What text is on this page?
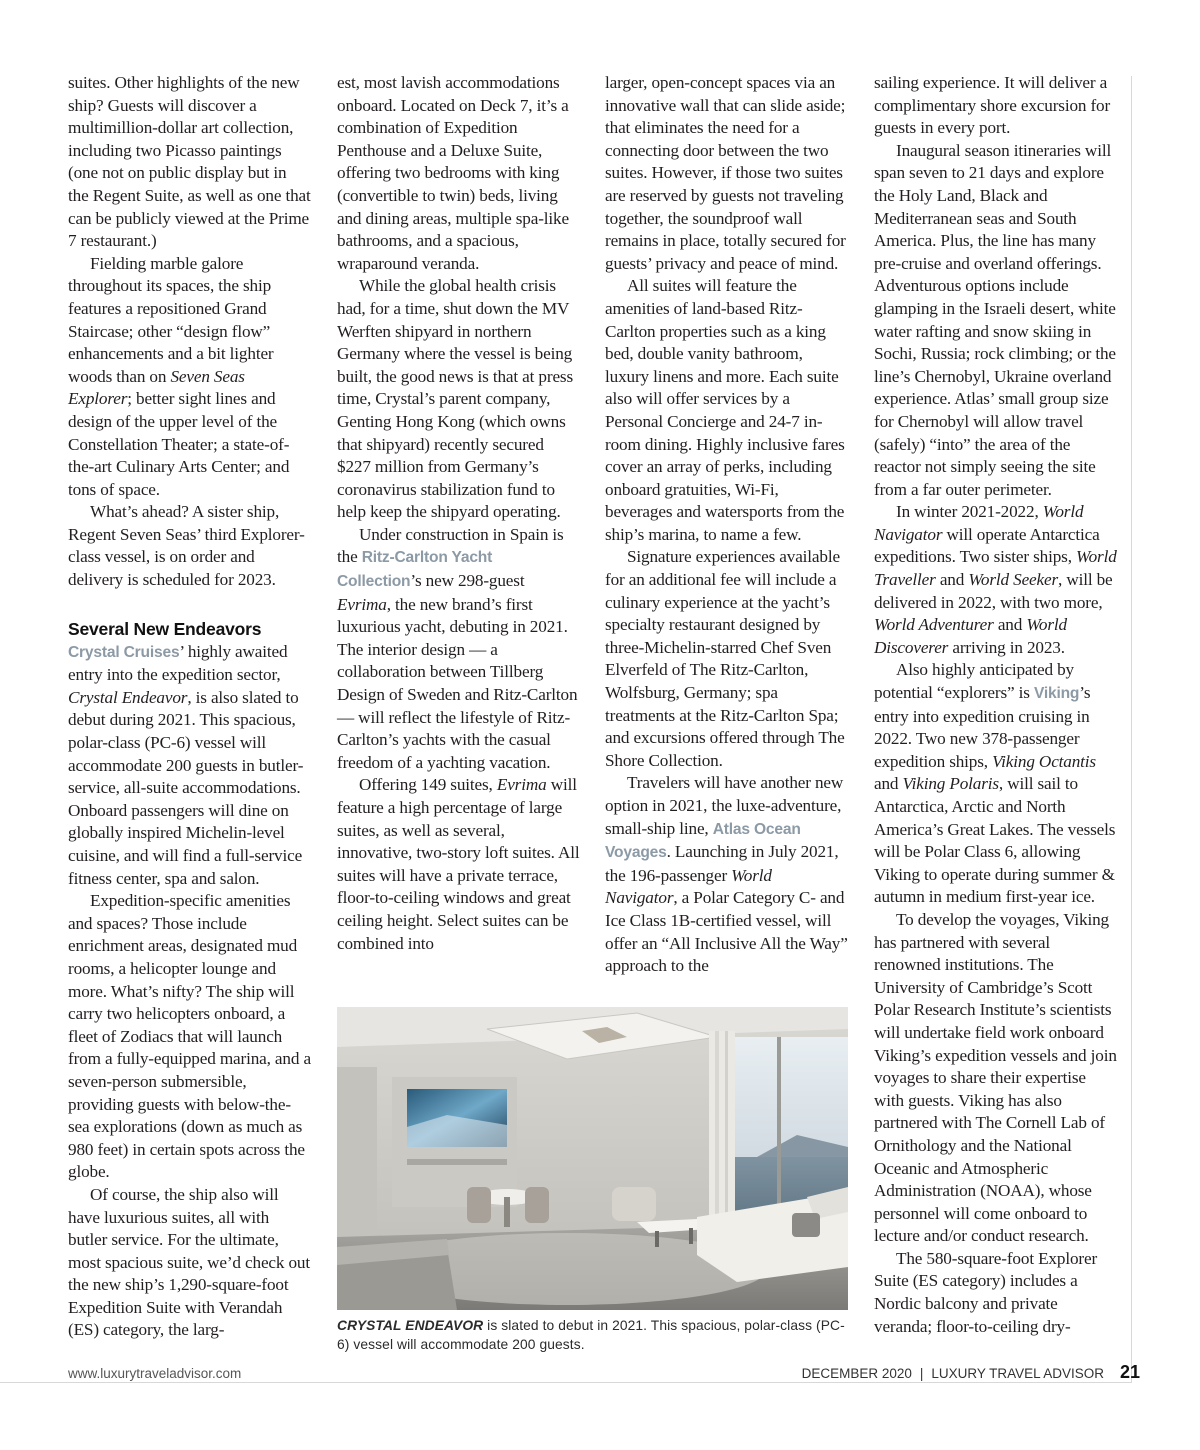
suites. Other highlights of the new ship? Guests will discover a multimillion-dollar art collection, including two Picasso paintings (one not on public display but in the Regent Suite, as well as one that can be publicly viewed at the Prime 7 restaurant.)

Fielding marble galore throughout its spaces, the ship features a repositioned Grand Staircase; other “design flow” enhancements and a bit lighter woods than on Seven Seas Explorer; better sight lines and design of the upper level of the Constellation Theater; a state-of-the-art Culinary Arts Center; and tons of space.

What’s ahead? A sister ship, Regent Seven Seas’ third Explorer-class vessel, is on order and delivery is scheduled for 2023.

Several New Endeavors

Crystal Cruises’ highly awaited entry into the expedition sector, Crystal Endeavor, is also slated to debut during 2021. This spacious, polar-class (PC-6) vessel will accommodate 200 guests in butler-service, all-suite accommodations. Onboard passengers will dine on globally inspired Michelin-level cuisine, and will find a full-service fitness center, spa and salon.

Expedition-specific amenities and spaces? Those include enrichment areas, designated mud rooms, a helicopter lounge and more. What’s nifty? The ship will carry two helicopters onboard, a fleet of Zodiacs that will launch from a fully-equipped marina, and a seven-person submersible, providing guests with below-the-sea explorations (down as much as 980 feet) in certain spots across the globe.

Of course, the ship also will have luxurious suites, all with butler service. For the ultimate, most spacious suite, we’d check out the new ship’s 1,290-square-foot Expedition Suite with Verandah (ES) category, the larg-

est, most lavish accommodations onboard. Located on Deck 7, it’s a combination of Expedition Penthouse and a Deluxe Suite, offering two bedrooms with king (convertible to twin) beds, living and dining areas, multiple spa-like bathrooms, and a spacious, wraparound veranda.

While the global health crisis had, for a time, shut down the MV Werften shipyard in northern Germany where the vessel is being built, the good news is that at press time, Crystal’s parent company, Genting Hong Kong (which owns that shipyard) recently secured $227 million from Germany’s coronavirus stabilization fund to help keep the shipyard operating.

Under construction in Spain is the Ritz-Carlton Yacht Collection’s new 298-guest Evrima, the new brand’s first luxurious yacht, debuting in 2021. The interior design — a collaboration between Tillberg Design of Sweden and Ritz-Carlton — will reflect the lifestyle of Ritz-Carlton’s yachts with the casual freedom of a yachting vacation.

Offering 149 suites, Evrima will feature a high percentage of large suites, as well as several, innovative, two-story loft suites. All suites will have a private terrace, floor-to-ceiling windows and great ceiling height. Select suites can be combined into

larger, open-concept spaces via an innovative wall that can slide aside; that eliminates the need for a connecting door between the two suites. However, if those two suites are reserved by guests not traveling together, the soundproof wall remains in place, totally secured for guests’ privacy and peace of mind.

All suites will feature the amenities of land-based Ritz-Carlton properties such as a king bed, double vanity bathroom, luxury linens and more. Each suite also will offer services by a Personal Concierge and 24-7 in-room dining. Highly inclusive fares cover an array of perks, including onboard gratuities, Wi-Fi, beverages and watersports from the ship’s marina, to name a few.

Signature experiences available for an additional fee will include a culinary experience at the yacht’s specialty restaurant designed by three-Michelin-starred Chef Sven Elverfeld of The Ritz-Carlton, Wolfsburg, Germany; spa treatments at the Ritz-Carlton Spa; and excursions offered through The Shore Collection.

Travelers will have another new option in 2021, the luxe-adventure, small-ship line, Atlas Ocean Voyages. Launching in July 2021, the 196-passenger World Navigator, a Polar Category C- and Ice Class 1B-certified vessel, will offer an “All Inclusive All the Way” approach to the

sailing experience. It will deliver a complimentary shore excursion for guests in every port.

Inaugural season itineraries will span seven to 21 days and explore the Holy Land, Black and Mediterranean seas and South America. Plus, the line has many pre-cruise and overland offerings. Adventurous options include glamping in the Israeli desert, white water rafting and snow skiing in Sochi, Russia; rock climbing; or the line’s Chernobyl, Ukraine overland experience. Atlas’ small group size for Chernobyl will allow travel (safely) “into” the area of the reactor not simply seeing the site from a far outer perimeter.

In winter 2021-2022, World Navigator will operate Antarctica expeditions. Two sister ships, World Traveller and World Seeker, will be delivered in 2022, with two more, World Adventurer and World Discoverer arriving in 2023.

Also highly anticipated by potential “explorers” is Viking’s entry into expedition cruising in 2022. Two new 378-passenger expedition ships, Viking Octantis and Viking Polaris, will sail to Antarctica, Arctic and North America’s Great Lakes. The vessels will be Polar Class 6, allowing Viking to operate during summer & autumn in medium first-year ice.

To develop the voyages, Viking has partnered with several renowned institutions. The University of Cambridge’s Scott Polar Research Institute’s scientists will undertake field work onboard Viking’s expedition vessels and join voyages to share their expertise with guests. Viking has also partnered with The Cornell Lab of Ornithology and the National Oceanic and Atmospheric Administration (NOAA), whose personnel will come onboard to lecture and/or conduct research.

The 580-square-foot Explorer Suite (ES category) includes a Nordic balcony and private veranda; floor-to-ceiling dry-

CRYSTAL ENDEAVOR is slated to debut in 2021. This spacious, polar-class (PC-6) vessel will accommodate 200 guests.
www.luxurytraveladvisor.com	DECEMBER 2020 | LUXURY TRAVEL ADVISOR 21
